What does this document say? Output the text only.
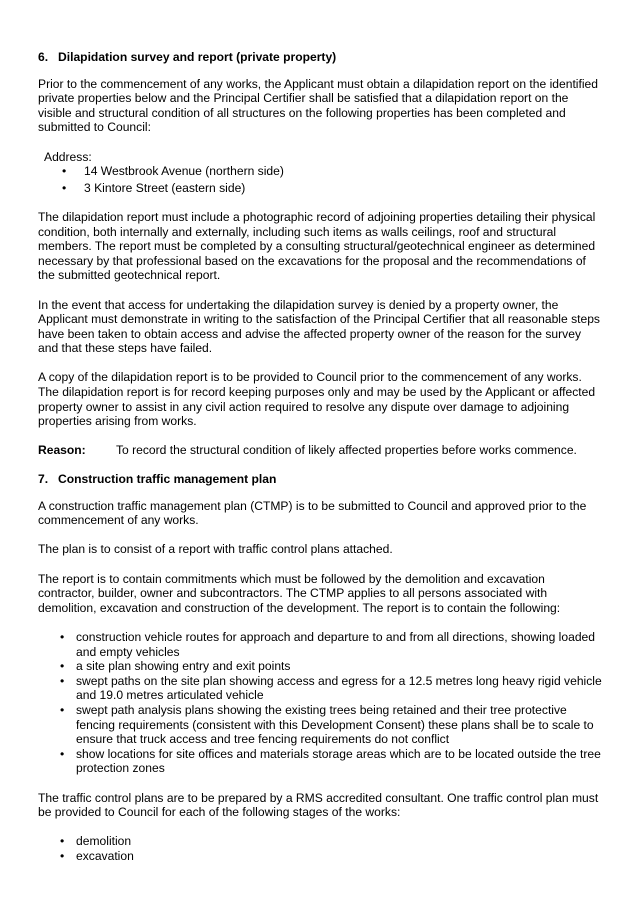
6. Dilapidation survey and report (private property)

Prior to the commencement of any works, the Applicant must obtain a dilapidation report on the identified private properties below and the Principal Certifier shall be satisfied that a dilapidation report on the visible and structural condition of all structures on the following properties has been completed and submitted to Council:

Address:
• 14 Westbrook Avenue (northern side)
• 3 Kintore Street (eastern side)

The dilapidation report must include a photographic record of adjoining properties detailing their physical condition, both internally and externally, including such items as walls ceilings, roof and structural members. The report must be completed by a consulting structural/geotechnical engineer as determined necessary by that professional based on the excavations for the proposal and the recommendations of the submitted geotechnical report.

In the event that access for undertaking the dilapidation survey is denied by a property owner, the Applicant must demonstrate in writing to the satisfaction of the Principal Certifier that all reasonable steps have been taken to obtain access and advise the affected property owner of the reason for the survey and that these steps have failed.

A copy of the dilapidation report is to be provided to Council prior to the commencement of any works. The dilapidation report is for record keeping purposes only and may be used by the Applicant or affected property owner to assist in any civil action required to resolve any dispute over damage to adjoining properties arising from works.

Reason:	To record the structural condition of likely affected properties before works commence.
7. Construction traffic management plan

A construction traffic management plan (CTMP) is to be submitted to Council and approved prior to the commencement of any works.

The plan is to consist of a report with traffic control plans attached.

The report is to contain commitments which must be followed by the demolition and excavation contractor, builder, owner and subcontractors. The CTMP applies to all persons associated with demolition, excavation and construction of the development. The report is to contain the following:

• construction vehicle routes for approach and departure to and from all directions, showing loaded and empty vehicles
• a site plan showing entry and exit points
• swept paths on the site plan showing access and egress for a 12.5 metres long heavy rigid vehicle and 19.0 metres articulated vehicle
• swept path analysis plans showing the existing trees being retained and their tree protective fencing requirements (consistent with this Development Consent) these plans shall be to scale to ensure that truck access and tree fencing requirements do not conflict
• show locations for site offices and materials storage areas which are to be located outside the tree protection zones

The traffic control plans are to be prepared by a RMS accredited consultant. One traffic control plan must be provided to Council for each of the following stages of the works:

• demolition
• excavation
